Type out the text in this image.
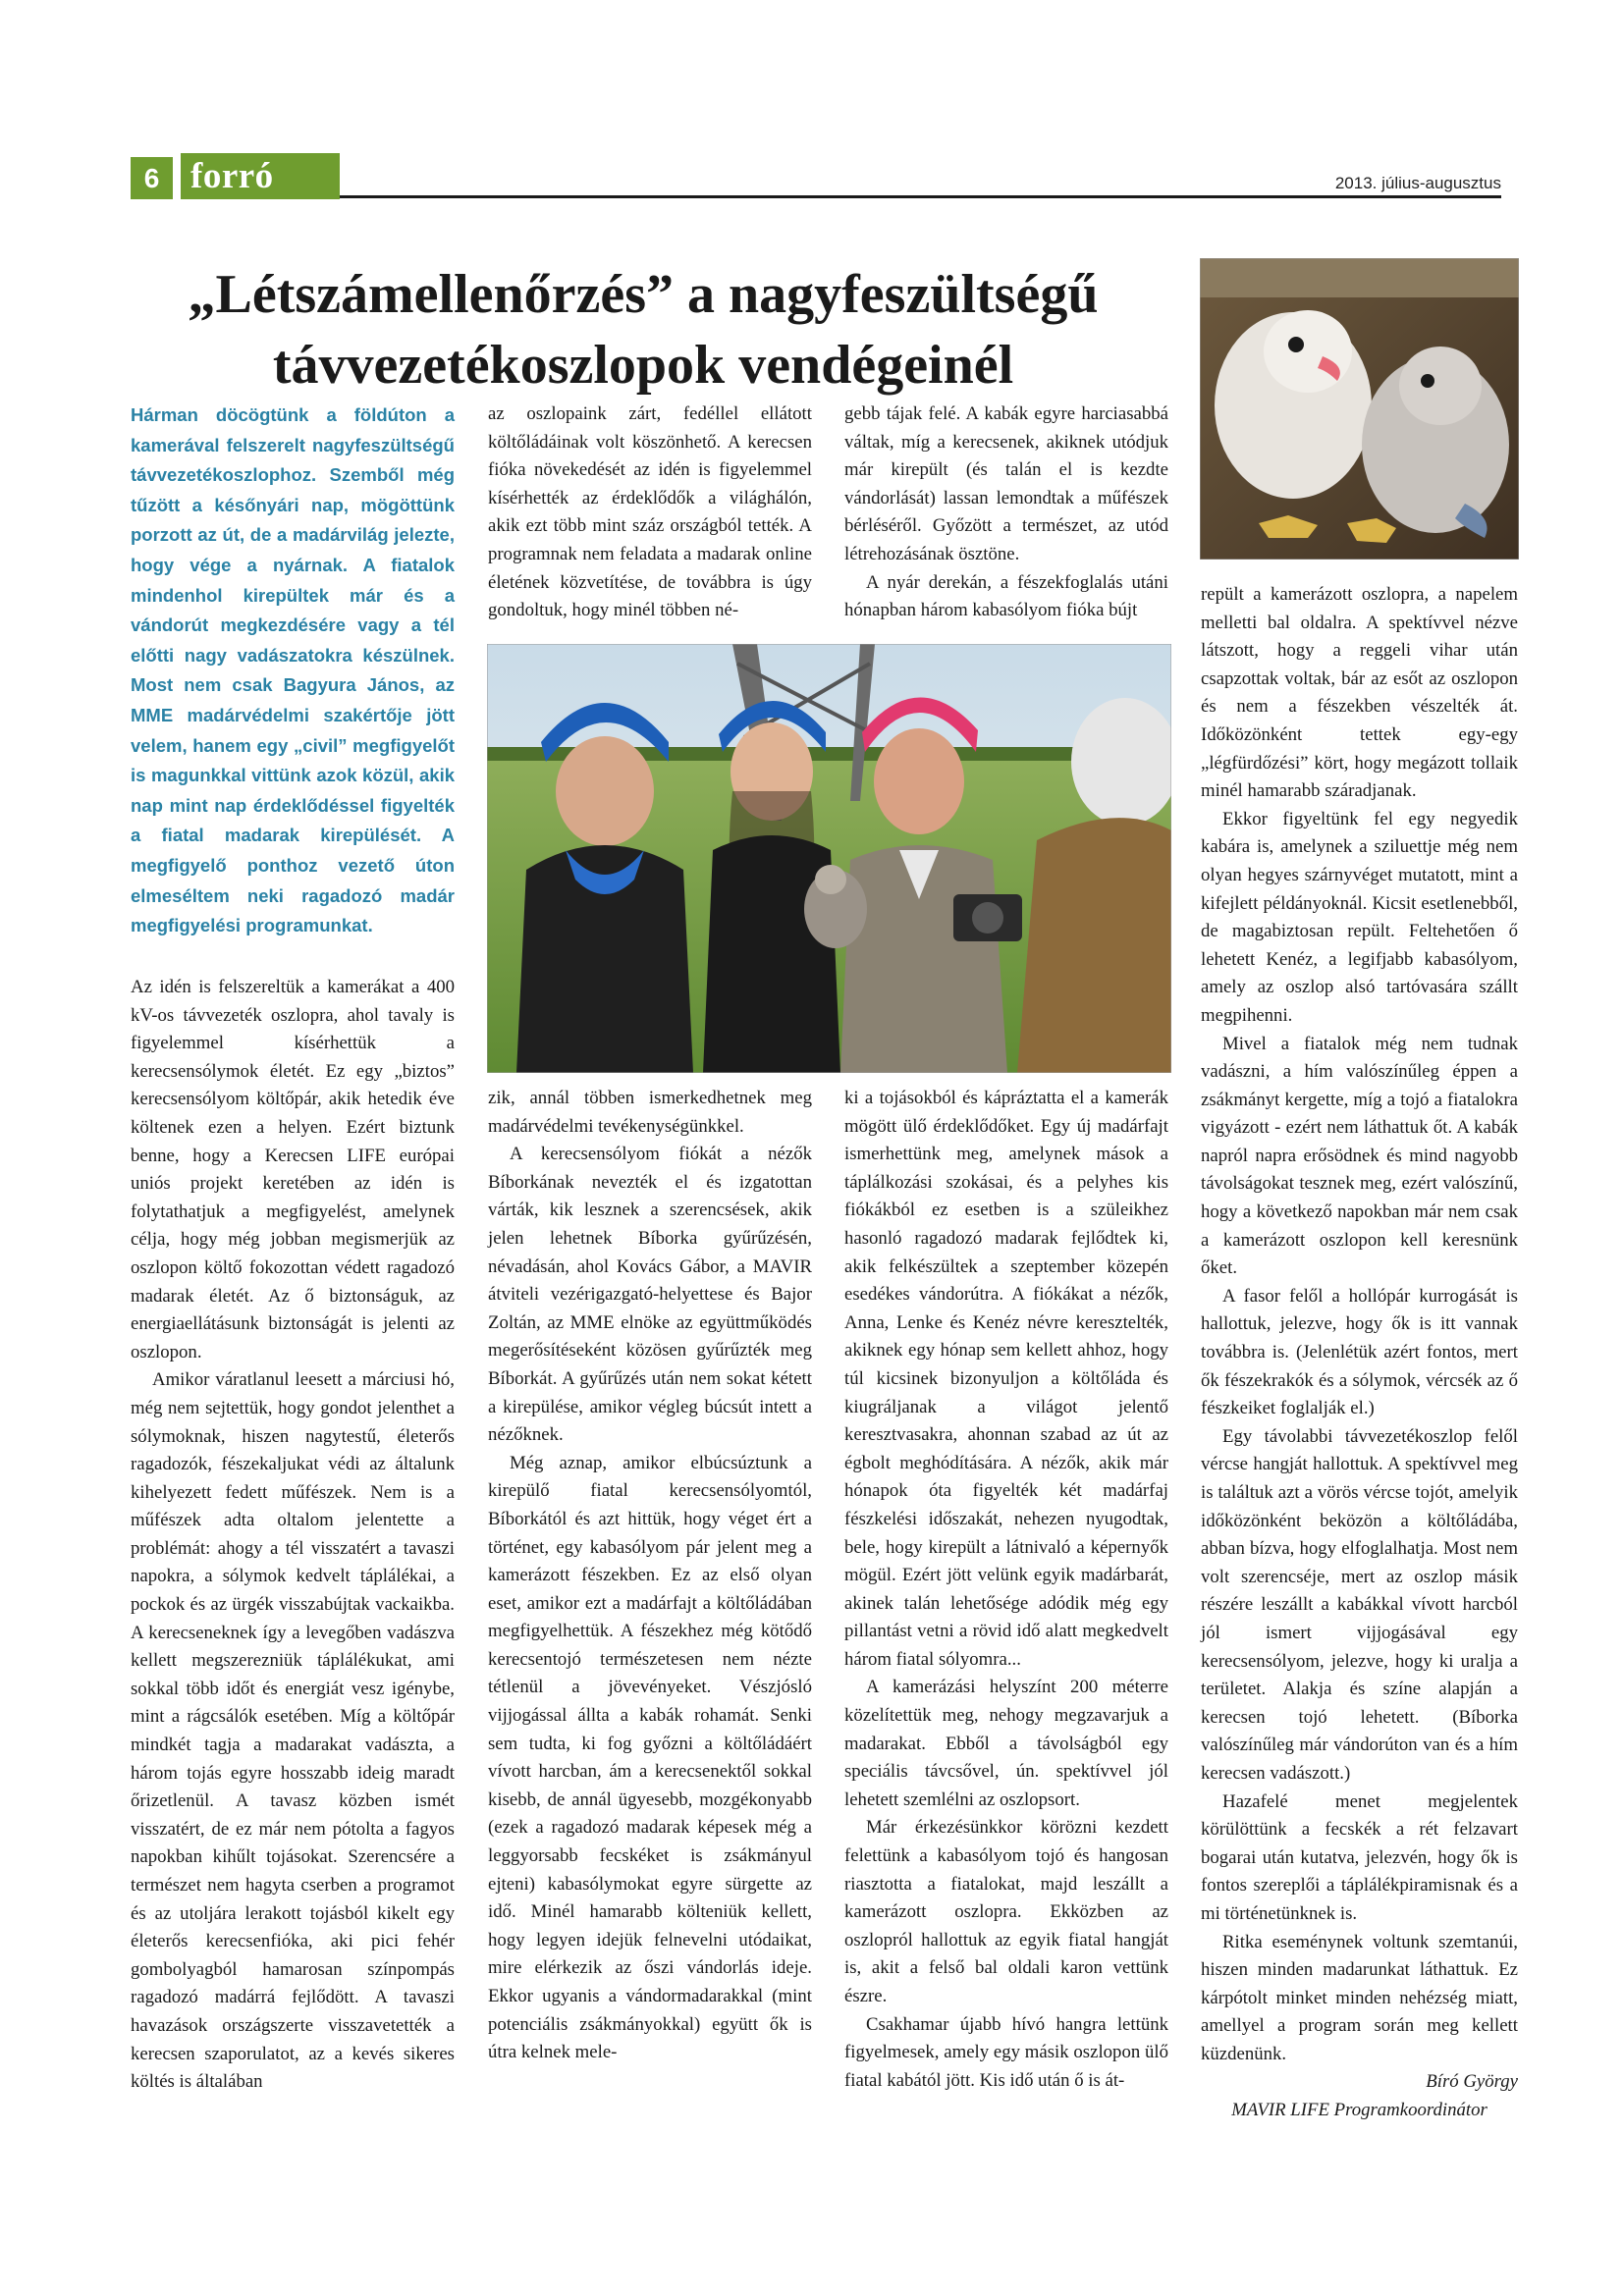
6 forró drót
2013. július-augusztus
„Létszámellenőrzés” a nagyfeszültségű
távvezetékoszlopok vendégeinél
Hárman döcögtünk a földúton a kamerával felszerelt nagyfeszültségű távvezetékoszlophoz. Szemből még tűzött a későnyári nap, mögöttünk porzott az út, de a madárvilág jelezte, hogy vége a nyárnak. A fiatalok mindenhol kirepültek már és a vándorút megkezdésére vagy a tél előtti nagy vadászatokra készülnek. Most nem csak Bagyura János, az MME madárvédelmi szakértője jött velem, hanem egy „civil” megfigyelőt is magunkkal vittünk azok közül, akik nap mint nap érdeklődéssel figyelték a fiatal madarak kirepülését. A megfigyelő ponthoz vezető úton elmeséltem neki ragadozó madár megfigyelési programunkat.

Az idén is felszereltük a kamerákat a 400 kV-os távvezeték oszlopra, ahol tavaly is figyelemmel kísérhettük a kerecsensólymok életét. Ez egy „biztos” kerecsensólyom költőpár, akik hetedik éve költenek ezen a helyen. Ezért biztunk benne, hogy a Kerecsen LIFE európai uniós projekt keretében az idén is folytathatjuk a megfigyelést, amelynek célja, hogy még jobban megismerjük az oszlopon költő fokozottan védett ragadozó madarak életét. Az ő biztonságuk, az energiaellátásunk biztonságát is jelenti az oszlopon.

Amikor váratlanul leesett a márciusi hó, még nem sejtettük, hogy gondot jelenthet a sólymoknak, hiszen nagytestű, életerős ragadozók, fészekaljukat védi az általunk kihelyezett fedett műfészek. Nem is a műfészek adta oltalom jelentette a problémát: ahogy a tél visszatért a tavaszi napokra, a sólymok kedvelt táplálékai, a pockok és az ürgék visszabújtak vackaikba. A kerecseneknek így a levegőben vadászva kellett megszerezniük táplálékukat, ami sokkal több időt és energiát vesz igénybe, mint a rágcsálók esetében. Míg a költőpár mindkét tagja a madarakat vadászta, a három tojás egyre hosszabb ideig maradt őrizetlenül. A tavasz közben ismét visszatért, de ez már nem pótolta a fagyos napokban kihűlt tojásokat. Szerencsére a természet nem hagyta cserben a programot és az utoljára lerakott tojásból kikelt egy életerős kerecsenfióka, aki pici fehér gombolyagból hamarosan színpompás ragadozó madárrá fejlődött. A tavaszi havazások országszerte visszavetették a kerecsen szaporulatot, az a kevés sikeres költés is általában

az oszlopaink zárt, fedéllel ellátott költőládáinak volt köszönhető. A kerecsen fióka növekedését az idén is figyelemmel kísérhették az érdeklődők a világhálón, akik ezt több mint száz országból tették. A programnak nem feladata a madarak online életének közvetítése, de továbbra is úgy gondoltuk, hogy minél többen né-

gebb tájak felé. A kabák egyre harciasabbá váltak, míg a kerecsenek, akiknek utódjuk már kirepült (és talán el is kezdte vándorlását) lassan lemondtak a műfészek bérléséről. Győzött a természet, az utód létrehozásának ösztöne.

A nyár derekán, a fészekfoglalás utáni hónapban három kabasólyom fióka bújt

zik, annál többen ismerkedhetnek meg madárvédelmi tevékenységünkkel.

A kerecsensólyom fiókát a nézők Bíborkának nevezték el és izgatottan várták, kik lesznek a szerencsések, akik jelen lehetnek Bíborka gyűrűzésén, névadásán, ahol Kovács Gábor, a MAVIR átviteli vezérigazgató-helyettese és Bajor Zoltán, az MME elnöke az együttműködés megerősítéseként közösen gyűrűzték meg Bíborkát. A gyűrűzés után nem sokat kétett a kirepülése, amikor végleg búcsút intett a nézőknek.

Még aznap, amikor elbúcsúztunk a kirepülő fiatal kerecsensólyomtól, Bíborkától és azt hittük, hogy véget ért a történet, egy kabasólyom pár jelent meg a kamerázott fészekben. Ez az első olyan eset, amikor ezt a madárfajt a költőládában megfigyelhettük. A fészekhez még kötődő kerecsentojó természetesen nem nézte tétlenül a jövevényeket. Vészjósló vijjogással állta a kabák rohamát. Senki sem tudta, ki fog győzni a költőládáért vívott harcban, ám a kerecsenektől sokkal kisebb, de annál ügyesebb, mozgékonyabb (ezek a ragadozó madarak képesek még a leggyorsabb fecskéket is zsákmányul ejteni) kabasólymokat egyre sürgette az idő. Minél hamarabb költeniük kellett, hogy legyen idejük felnevelni utódaikat, mire elérkezik az őszi vándorlás ideje. Ekkor ugyanis a vándormadarakkal (mint potenciális zsákmányokkal) együtt ők is útra kelnek mele-

ki a tojásokból és kápráztatta el a kamerák mögött ülő érdeklődőket. Egy új madárfajt ismerhettünk meg, amelynek mások a táplálkozási szokásai, és a pelyhes kis fiókákból ez esetben is a szüleikhez hasonló ragadozó madarak fejlődtek ki, akik felkészültek a szeptember közepén esedékes vándorútra. A fiókákat a nézők, Anna, Lenke és Kenéz névre keresztelték, akiknek egy hónap sem kellett ahhoz, hogy túl kicsinek bizonyuljon a költőláda és kiugráljanak a világot jelentő keresztvasakra, ahonnan szabad az út az égbolt meghódítására. A nézők, akik már hónapok óta figyelték két madárfaj fészkelési időszakát, nehezen nyugodtak, bele, hogy kirepült a látnivaló a képernyők mögül. Ezért jött velünk egyik madárbarát, akinek talán lehetősége adódik még egy pillantást vetni a rövid idő alatt megkedvelt három fiatal sólyomra...

A kamerázási helyszínt 200 méterre közelítettük meg, nehogy megzavarjuk a madarakat. Ebből a távolságból egy speciális távcsővel, ún. spektívvel jól lehetett szemlélni az oszlopsort.

Már érkezésünkkor körözni kezdett felettünk a kabasólyom tojó és hangosan riasztotta a fiatalokat, majd leszállt a kamerázott oszlopra. Ekközben az oszlopról hallottuk az egyik fiatal hangját is, akit a felső bal oldali karon vettünk észre.

Csakhamar újabb hívó hangra lettünk figyelmesek, amely egy másik oszlopon ülő fiatal kabától jött. Kis idő után ő is át-

repült a kamerázott oszlopra, a napelem melletti bal oldalra. A spektívvel nézve látszott, hogy a reggeli vihar után csapzottak voltak, bár az esőt az oszlopon és nem a fészekben vészelték át. Időközönként tettek egy-egy „légfürdőzési” kört, hogy megázott tollaik minél hamarabb száradjanak.

Ekkor figyeltünk fel egy negyedik kabára is, amelynek a sziluettje még nem olyan hegyes szárnyvéget mutatott, mint a kifejlett példányoknál. Kicsit esetlenebből, de magabiztosan repült. Feltehetően ő lehetett Kenéz, a legifjabb kabasólyom, amely az oszlop alsó tartóvasára szállt megpihenni.

Mivel a fiatalok még nem tudnak vadászni, a hím valószínűleg éppen a zsákmányt kergette, míg a tojó a fiatalokra vigyázott - ezért nem láthattuk őt. A kabák napról napra erősödnek és mind nagyobb távolságokat tesznek meg, ezért valószínű, hogy a következő napokban már nem csak a kamerázott oszlopon kell keresnünk őket.

A fasor felől a hollópár kurrogását is hallottuk, jelezve, hogy ők is itt vannak továbbra is. (Jelenlétük azért fontos, mert ők fészekrakók és a sólymok, vércsék az ő fészkeiket foglalják el.)

Egy távolabbi távvezetékoszlop felől vércse hangját hallottuk. A spektívvel meg is találtuk azt a vörös vércse tojót, amelyik időközönként beközön a költőládába, abban bízva, hogy elfoglalhatja. Most nem volt szerencséje, mert az oszlop másik részére leszállt a kabákkal vívott harcból jól ismert vijjogásával egy kerecsensólyom, jelezve, hogy ki uralja a területet. Alakja és színe alapján a kerecsen tojó lehetett. (Bíborka valószínűleg már vándorúton van és a hím kerecsen vadászott.)

Hazafelé menet megjelentek körülöttünk a fecskék a rét felzavart bogarai után kutatva, jelezvén, hogy ők is fontos szereplői a táplálékpiramisnak és a mi történetünknek is.

Ritka eseménynek voltunk szemtanúi, hiszen minden madarunkat láthattuk. Ez kárpótolt minket minden nehézség miatt, amellyel a program során meg kellett küzdenünk.

Bíró György

MAVIR LIFE Programkoordinátor
